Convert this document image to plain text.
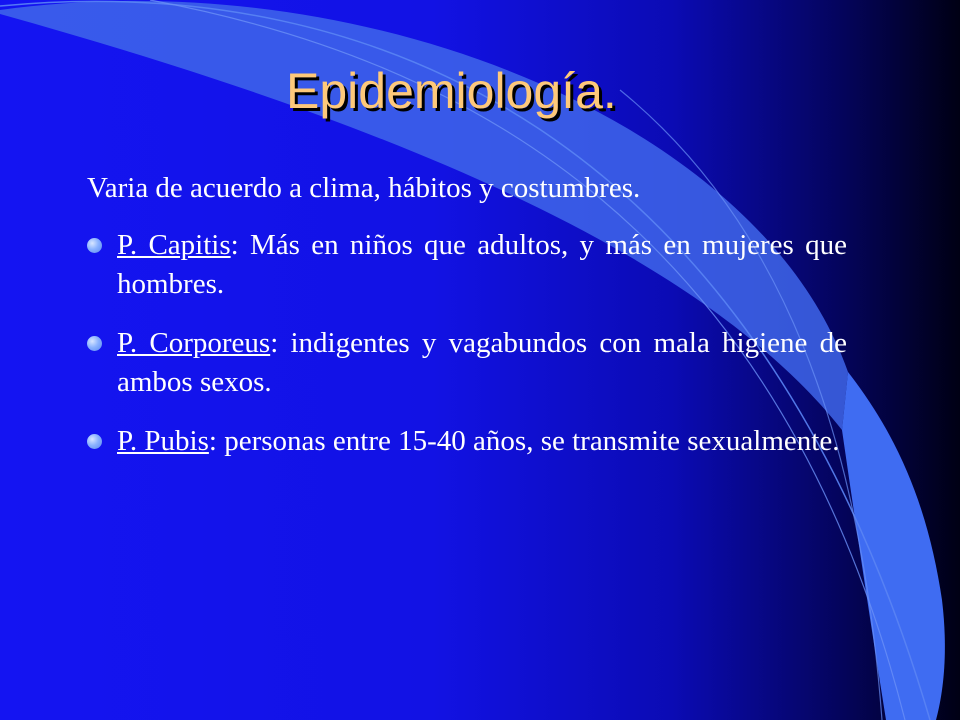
Epidemiología.

Varia de acuerdo a clima, hábitos y costumbres.

P. Capitis: Más en niños que adultos, y más en mujeres que hombres.
P. Corporeus: indigentes y vagabundos con mala higiene de ambos sexos.
P. Pubis: personas entre 15-40 años, se transmite sexualmente.
